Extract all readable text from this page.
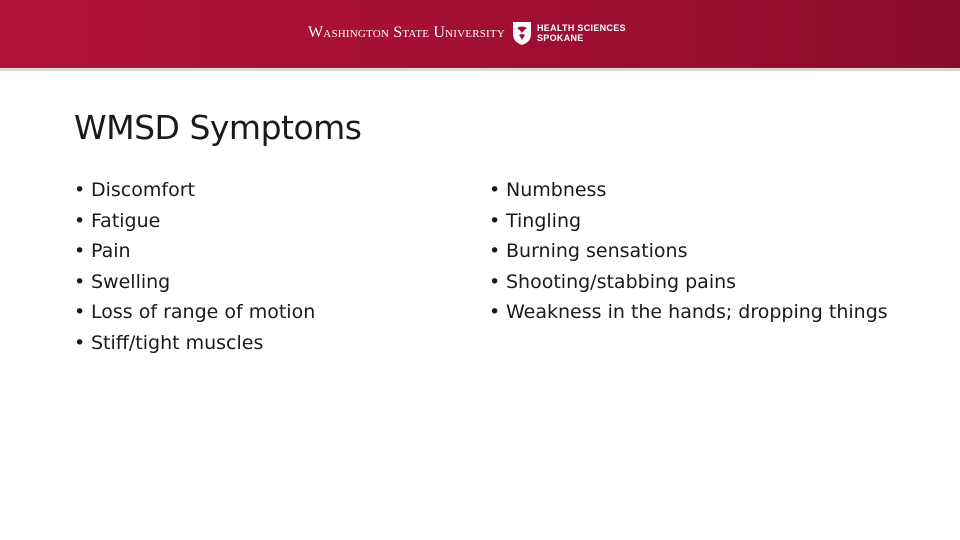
Washington State University	HEALTH SCIENCES
SPOKANE
WMSD Symptoms
• Discomfort
• Fatigue
• Pain
• Swelling
• Loss of range of motion
• Stiff/tight muscles
• Numbness
• Tingling
• Burning sensations
• Shooting/stabbing pains
• Weakness in the hands; dropping things
